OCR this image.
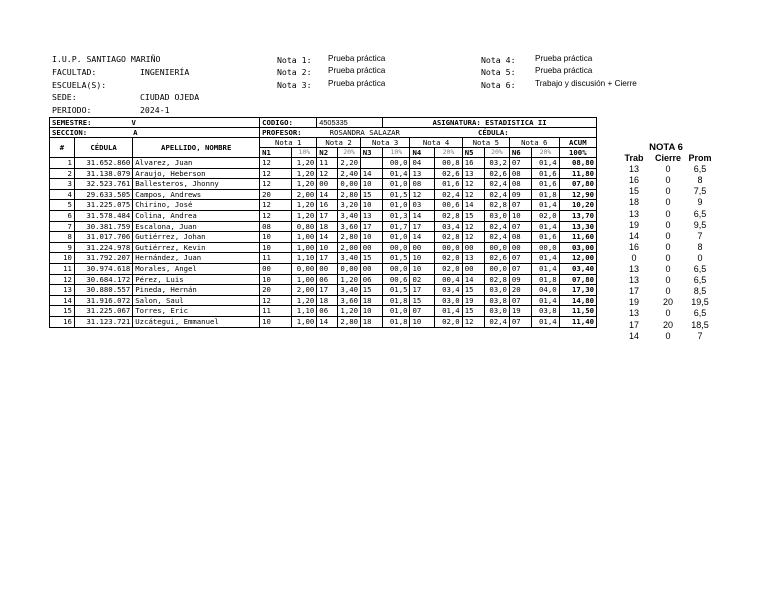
I.U.P. SANTIAGO MARIÑO
FACULTAD:	INGENIERÍA
ESCUELA(S):
SEDE:	CIUDAD OJEDA
PERIODO:	2024-1
Nota 1: Prueba práctica
Nota 2: Prueba práctica
Nota 3: Prueba práctica
Nota 4: Prueba práctica
Nota 5: Prueba práctica
Nota 6: Trabajo y discusión + Cierre
SEMESTRE: V			CODIGO:		4505335			ASIGNATURA: ESTADISTICA II							
SECCION: A			PROFESOR: ROSANDRA SALAZAR CÉDULA:												
#	CÉDULA	APELLIDO, NOMBRE	Nota 1		Nota 2		Nota 3		Nota 4		Nota 5		Nota 6		ACUM
			N1	10%	N2	20%	N3	10%	N4	20%	N5	20%	N6	20%	100%
1	31.652.860	Alvarez, Juan	12	1,20	11	2,20		00,0	04	00,8	16	03,2	07	01,4	08,80
2	31.138.079	Araujo, Heberson	12	1,20	12	2,40	14	01,4	13	02,6	13	02,6	08	01,6	11,80
3	32.523.761	Ballesteros, Jhonny	12	1,20	00	0,00	10	01,0	08	01,6	12	02,4	08	01,6	07,80
4	29.633.505	Campos, Andrews	20	2,00	14	2,80	15	01,5	12	02,4	12	02,4	09	01,8	12,90
5	31.225.075	Chirino, José	12	1,20	16	3,20	10	01,0	03	00,6	14	02,8	07	01,4	10,20
6	31.578.484	Colina, Andrea	12	1,20	17	3,40	13	01,3	14	02,8	15	03,0	10	02,0	13,70
7	30.381.759	Escalona, Juan	08	0,80	18	3,60	17	01,7	17	03,4	12	02,4	07	01,4	13,30
8	31.017.706	Gutiérrez, Johan	10	1,00	14	2,80	10	01,0	14	02,8	12	02,4	08	01,6	11,60
9	31.224.978	Gutiérrez, Kevin	10	1,00	10	2,00	00	00,0	00	00,0	00	00,0	00	00,0	03,00
10	31.792.207	Hernández, Juan	11	1,10	17	3,40	15	01,5	10	02,0	13	02,6	07	01,4	12,00
11	30.974.618	Morales, Angel	00	0,00	00	0,00	00	00,0	10	02,0	00	00,0	07	01,4	03,40
12	30.684.172	Pérez, Luis	10	1,00	06	1,20	06	00,6	02	00,4	14	02,8	09	01,8	07,80
13	30.880.557	Pineda, Hernán	20	2,00	17	3,40	15	01,5	17	03,4	15	03,0	20	04,0	17,30
14	31.916.072	Salon, Saul	12	1,20	18	3,60	18	01,8	15	03,0	19	03,8	07	01,4	14,80
15	31.225.067	Torres, Eric	11	1,10	06	1,20	10	01,0	07	01,4	15	03,0	19	03,8	11,50
16	31.123.721	Uzcátegui, Emmanuel	10	1,00	14	2,80	18	01,8	10	02,0	12	02,4	07	01,4	11,40
NOTA 6		
Trab	Cierre	Prom
13	0	6,5
16	0	8
15	0	7,5
18	0	9
13	0	6,5
19	0	9,5
14	0	7
16	0	8
0	0	0
13	0	6,5
13	0	6,5
17	0	8,5
19	20	19,5
13	0	6,5
17	20	18,5
14	0	7
